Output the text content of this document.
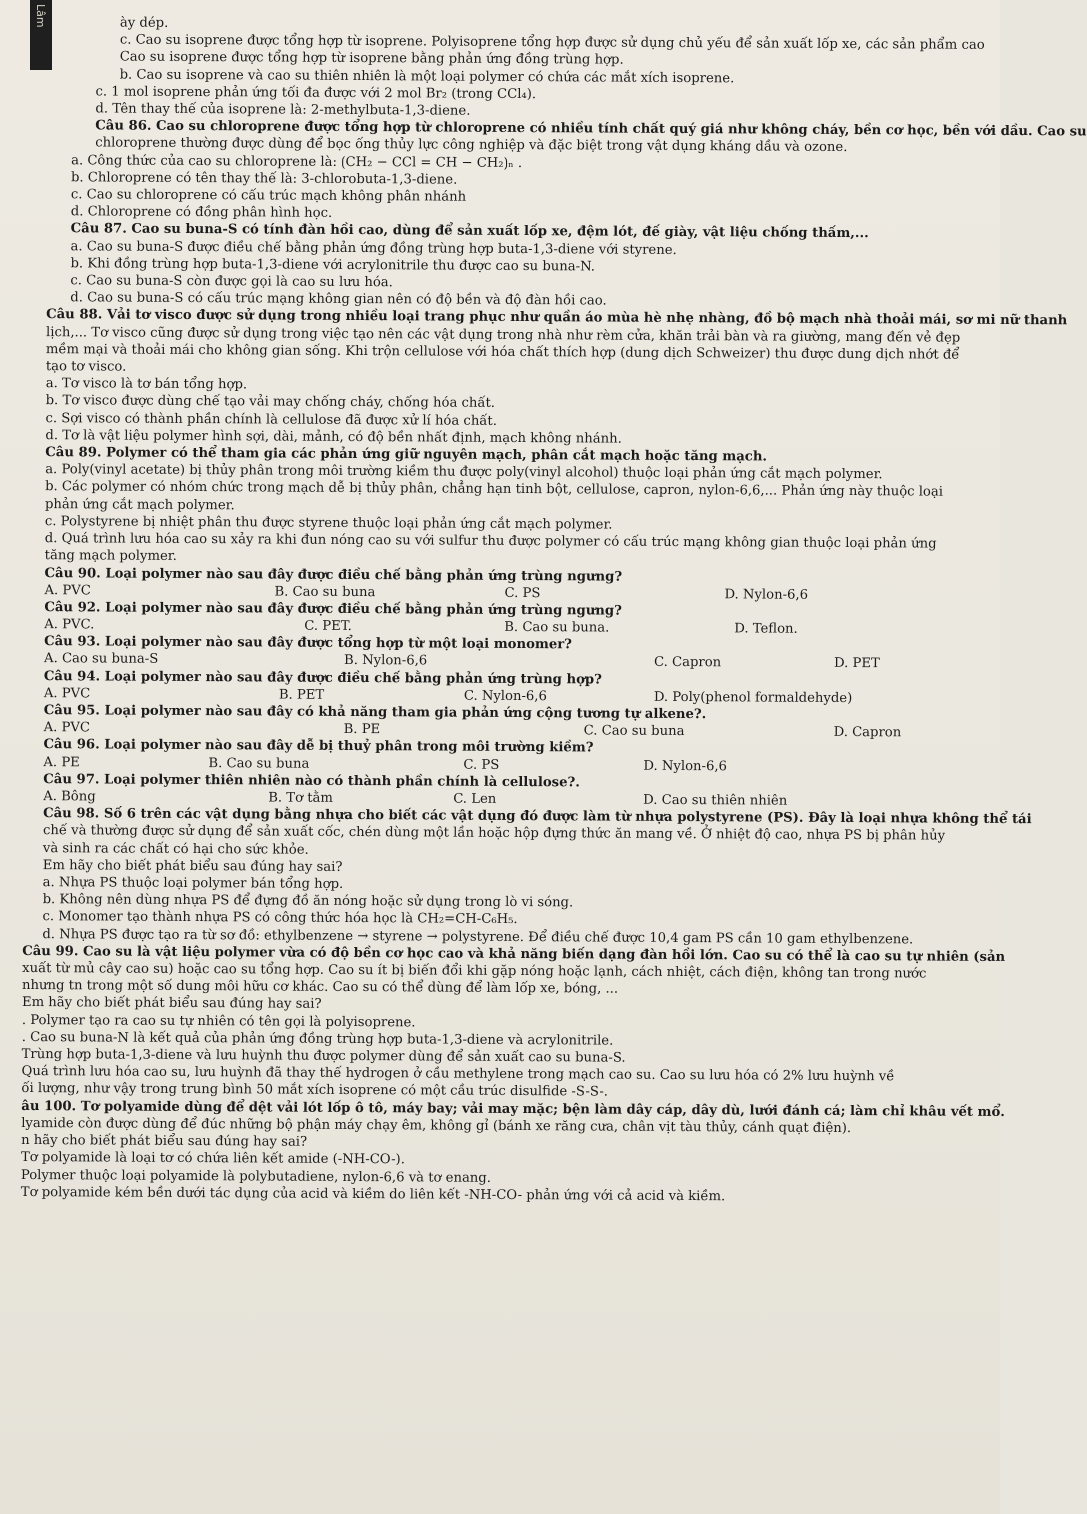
Lâm	ày dép.

c. Cao su isoprene được tổng hợp từ isoprene. Polyisoprene tổng hợp được sử dụng chủ yếu để sản xuất lốp xe, các sản phẩm cao

Cao su isoprene được tổng hợp từ isoprene bằng phản ứng đồng trùng hợp.

b. Cao su isoprene và cao su thiên nhiên là một loại polymer có chứa các mắt xích isoprene.

c. 1 mol isoprene phản ứng tối đa được với 2 mol Br₂ (trong CCl₄).

d. Tên thay thế của isoprene là: 2-methylbuta-1,3-diene.

Câu 86. Cao su chloroprene được tổng hợp từ chloroprene có nhiều tính chất quý giá như không cháy, bền cơ học, bền với dầu. Cao su

chloroprene thường được dùng để bọc ống thủy lực công nghiệp và đặc biệt trong vật dụng kháng dầu và ozone.

a. Công thức của cao su chloroprene là: ⟮CH₂ − CCl = CH − CH₂⟯ₙ .

b. Chloroprene có tên thay thế là: 3-chlorobuta-1,3-diene.

c. Cao su chloroprene có cấu trúc mạch không phân nhánh

d. Chloroprene có đồng phân hình học.

Câu 87. Cao su buna-S có tính đàn hồi cao, dùng để sản xuất lốp xe, đệm lót, đế giày, vật liệu chống thấm,...

a. Cao su buna-S được điều chế bằng phản ứng đồng trùng hợp buta-1,3-diene với styrene.

b. Khi đồng trùng hợp buta-1,3-diene với acrylonitrile thu được cao su buna-N.

c. Cao su buna-S còn được gọi là cao su lưu hóa.

d. Cao su buna-S có cấu trúc mạng không gian nên có độ bền và độ đàn hồi cao.

Câu 88. Vải tơ visco được sử dụng trong nhiều loại trang phục như quần áo mùa hè nhẹ nhàng, đồ bộ mạch nhà thoải mái, sơ mi nữ thanh

lịch,... Tơ visco cũng được sử dụng trong việc tạo nên các vật dụng trong nhà như rèm cửa, khăn trải bàn và ra giường, mang đến vẻ đẹp

mềm mại và thoải mái cho không gian sống. Khi trộn cellulose với hóa chất thích hợp (dung dịch Schweizer) thu được dung dịch nhớt để

tạo tơ visco.

a. Tơ visco là tơ bán tổng hợp.

b. Tơ visco được dùng chế tạo vải may chống cháy, chống hóa chất.

c. Sợi visco có thành phần chính là cellulose đã được xử lí hóa chất.

d. Tơ là vật liệu polymer hình sợi, dài, mảnh, có độ bền nhất định, mạch không nhánh.

Câu 89. Polymer có thể tham gia các phản ứng giữ nguyên mạch, phân cắt mạch hoặc tăng mạch.

a. Poly(vinyl acetate) bị thủy phân trong môi trường kiềm thu được poly(vinyl alcohol) thuộc loại phản ứng cắt mạch polymer.

b. Các polymer có nhóm chức trong mạch dễ bị thủy phân, chẳng hạn tinh bột, cellulose, capron, nylon-6,6,... Phản ứng này thuộc loại

phản ứng cắt mạch polymer.

c. Polystyrene bị nhiệt phân thu được styrene thuộc loại phản ứng cắt mạch polymer.

d. Quá trình lưu hóa cao su xảy ra khi đun nóng cao su với sulfur thu được polymer có cấu trúc mạng không gian thuộc loại phản ứng

tăng mạch polymer.

Câu 90. Loại polymer nào sau đây được điều chế bằng phản ứng trùng ngưng?

A. PVC	B. Cao su buna	C. PS	D. Nylon-6,6

Câu 92. Loại polymer nào sau đây được điều chế bằng phản ứng trùng ngưng?

A. PVC.	B. Cao su buna.
C. PET.	D. Teflon.

Câu 93. Loại polymer nào sau đây được tổng hợp từ một loại monomer?

A. Cao su buna-S	B. Nylon-6,6	C. Capron	D. PET

Câu 94. Loại polymer nào sau đây được điều chế bằng phản ứng trùng hợp?

A. PVC	B. PET	C. Nylon-6,6	D. Poly(phenol formaldehyde)

Câu 95. Loại polymer nào sau đây có khả năng tham gia phản ứng cộng tương tự alkene?.

A. PVC	B. PE	C. Cao su buna	D. Capron

Câu 96. Loại polymer nào sau đây dễ bị thuỷ phân trong môi trường kiềm?

A. PE	B. Cao su buna	C. PS	D. Nylon-6,6

Câu 97. Loại polymer thiên nhiên nào có thành phần chính là cellulose?.

A. Bông	B. Tơ tằm	C. Len	D. Cao su thiên nhiên

Câu 98. Số 6 trên các vật dụng bằng nhựa cho biết các vật dụng đó được làm từ nhựa polystyrene (PS). Đây là loại nhựa không thể tái

chế và thường được sử dụng để sản xuất cốc, chén dùng một lần hoặc hộp đựng thức ăn mang về. Ở nhiệt độ cao, nhựa PS bị phân hủy

và sinh ra các chất có hại cho sức khỏe.

Em hãy cho biết phát biểu sau đúng hay sai?

a. Nhựa PS thuộc loại polymer bán tổng hợp.

b. Không nên dùng nhựa PS để đựng đồ ăn nóng hoặc sử dụng trong lò vi sóng.

c. Monomer tạo thành nhựa PS có công thức hóa học là CH₂=CH-C₆H₅.

d. Nhựa PS được tạo ra từ sơ đồ: ethylbenzene → styrene → polystyrene. Để điều chế được 10,4 gam PS cần 10 gam ethylbenzene.

Câu 99. Cao su là vật liệu polymer vừa có độ bền cơ học cao và khả năng biến dạng đàn hồi lớn. Cao su có thể là cao su tự nhiên (sản

xuất từ mủ cây cao su) hoặc cao su tổng hợp. Cao su ít bị biến đổi khi gặp nóng hoặc lạnh, cách nhiệt, cách điện, không tan trong nước

nhưng tn trong một số dung môi hữu cơ khác. Cao su có thể dùng để làm lốp xe, bóng, ...

Em hãy cho biết phát biểu sau đúng hay sai?

. Polymer tạo ra cao su tự nhiên có tên gọi là polyisoprene.

. Cao su buna-N là kết quả của phản ứng đồng trùng hợp buta-1,3-diene và acrylonitrile.

Trùng hợp buta-1,3-diene và lưu huỳnh thu được polymer dùng để sản xuất cao su buna-S.

Quá trình lưu hóa cao su, lưu huỳnh đã thay thế hydrogen ở cầu methylene trong mạch cao su. Cao su lưu hóa có 2% lưu huỳnh về

ối lượng, như vậy trong trung bình 50 mắt xích isoprene có một cầu trúc disulfide -S-S-.

âu 100. Tơ polyamide dùng để dệt vải lót lốp ô tô, máy bay; vải may mặc; bện làm dây cáp, dây dù, lưới đánh cá; làm chỉ khâu vết mổ.

lyamide còn được dùng để đúc những bộ phận máy chạy êm, không gỉ (bánh xe răng cưa, chân vịt tàu thủy, cánh quạt điện).

n hãy cho biết phát biểu sau đúng hay sai?

Tơ polyamide là loại tơ có chứa liên kết amide (-NH-CO-).

Polymer thuộc loại polyamide là polybutadiene, nylon-6,6 và tơ enang.

Tơ polyamide kém bền dưới tác dụng của acid và kiềm do liên kết -NH-CO- phản ứng với cả acid và kiềm.
